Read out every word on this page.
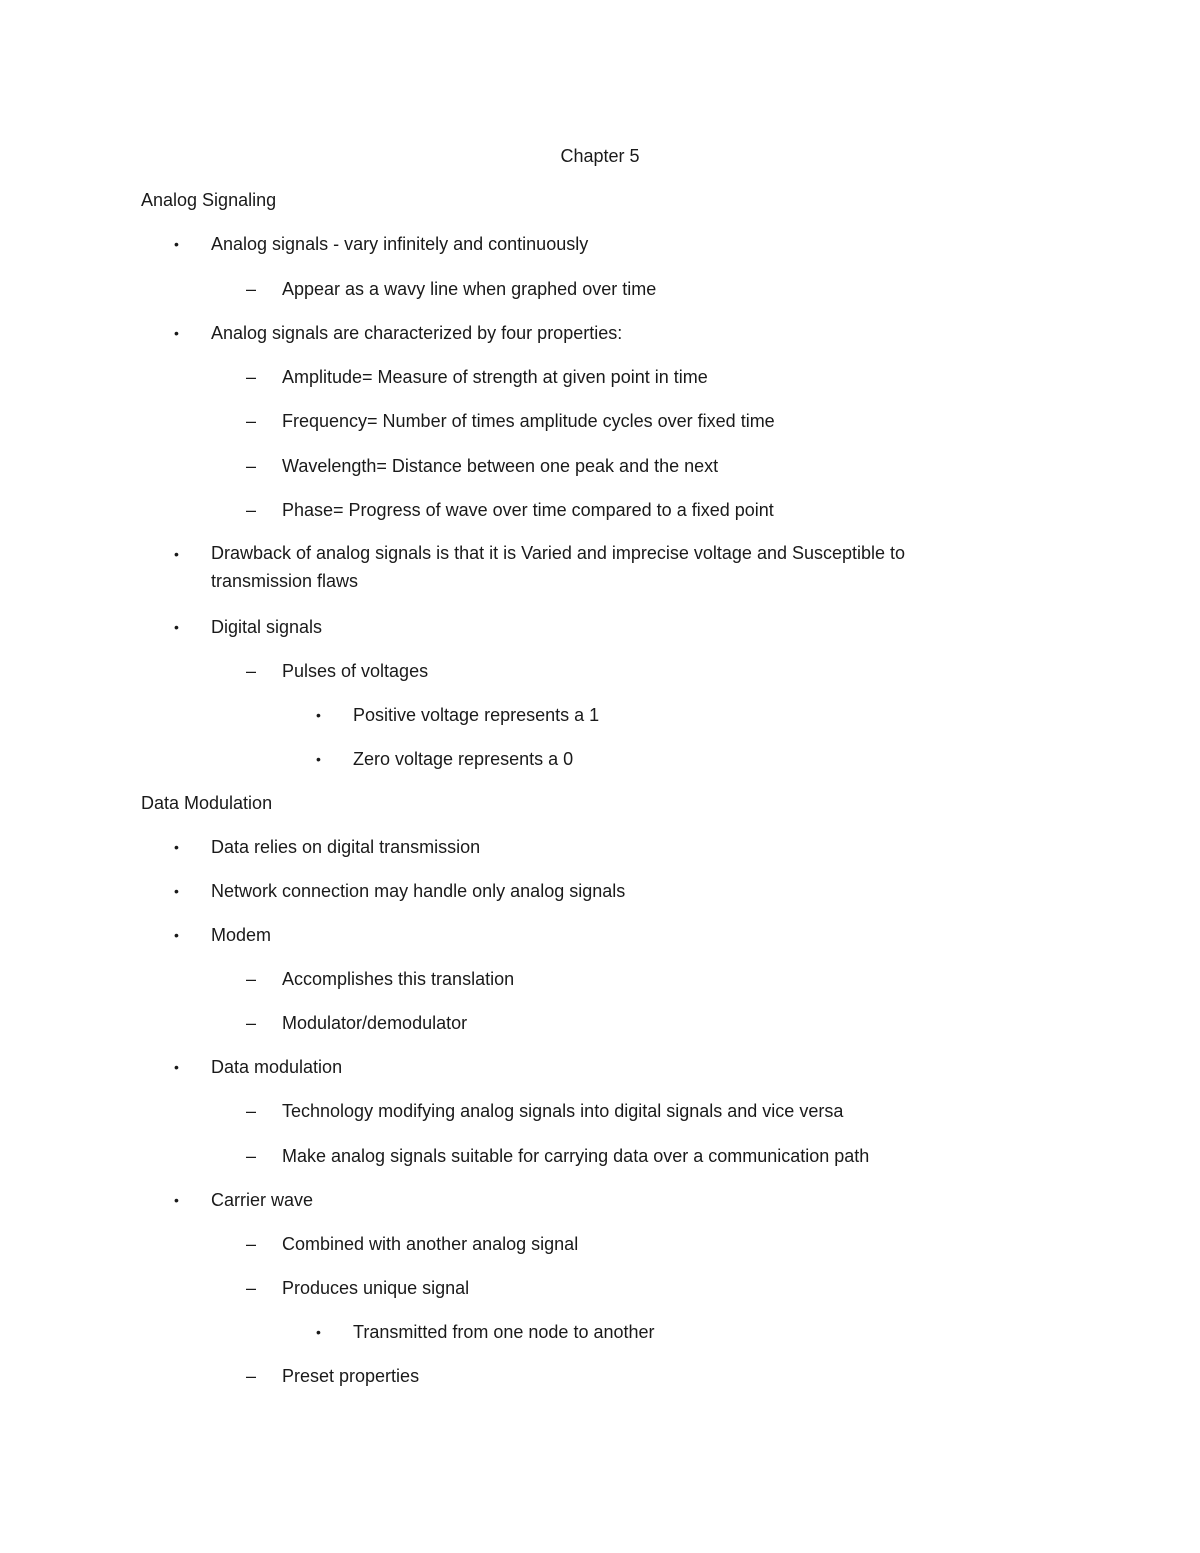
Chapter 5
Analog Signaling
• Analog signals - vary infinitely and continuously
– Appear as a wavy line when graphed over time
• Analog signals are characterized by four properties:
– Amplitude= Measure of strength at given point in time
– Frequency= Number of times amplitude cycles over fixed time
– Wavelength= Distance between one peak and the next
– Phase= Progress of wave over time compared to a fixed point
• Drawback of analog signals is that it is Varied and imprecise voltage and Susceptible to transmission flaws
• Digital signals
– Pulses of voltages
• Positive voltage represents a 1
• Zero voltage represents a 0
Data Modulation
• Data relies on digital transmission
• Network connection may handle only analog signals
• Modem
– Accomplishes this translation
– Modulator/demodulator
• Data modulation
– Technology modifying analog signals into digital signals and vice versa
– Make analog signals suitable for carrying data over a communication path
• Carrier wave
– Combined with another analog signal
– Produces unique signal
• Transmitted from one node to another
– Preset properties
